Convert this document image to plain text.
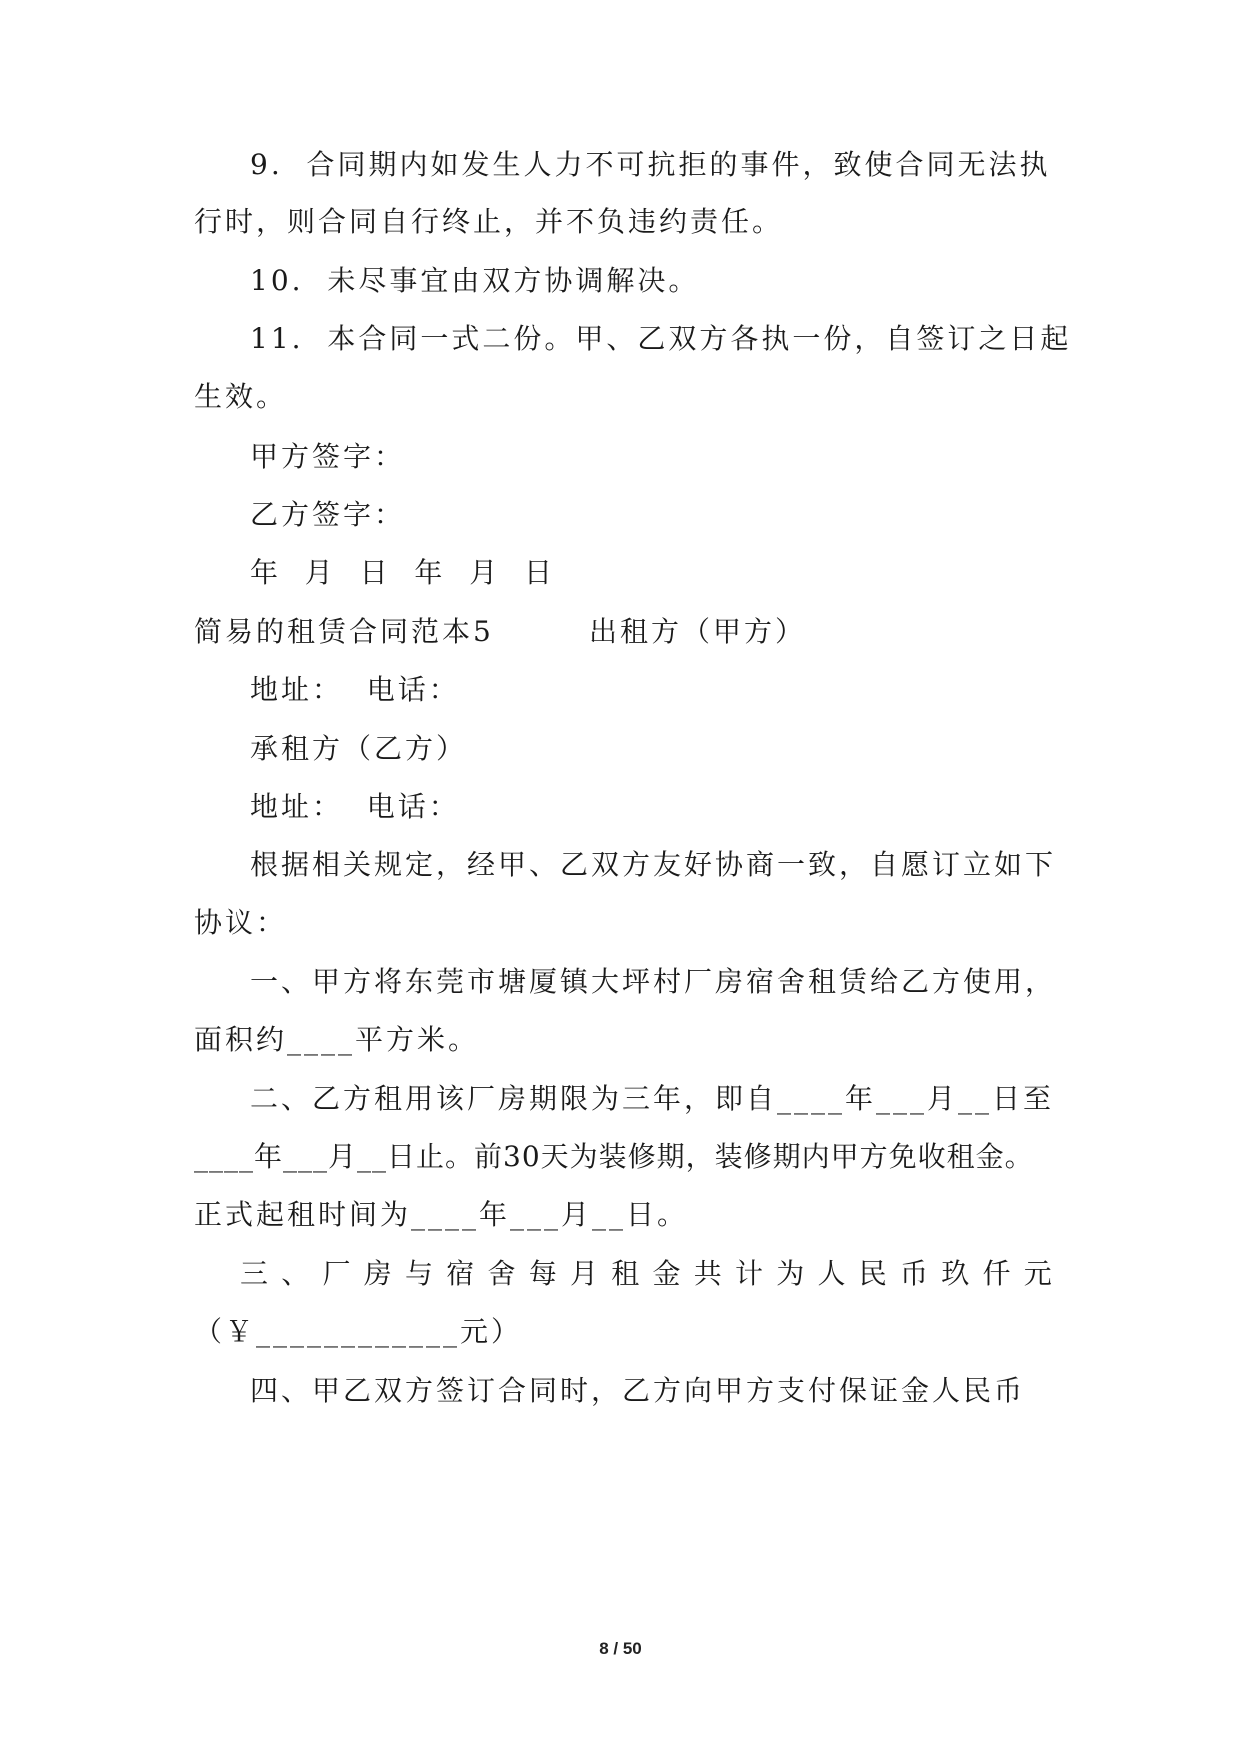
9.  合同期内如发生人力不可抗拒的事件，致使合同无法执
行时，则合同自行终止，并不负违约责任。
10.  未尽事宜由双方协调解决。
11.  本合同一式二份。甲、乙双方各执一份，自签订之日起
生效。
甲方签字：
乙方签字：
年  月  日  年  月  日
简易的租赁合同范本5        出租方（甲方）
地址：  电话：
承租方（乙方）
地址：  电话：
根据相关规定，经甲、乙双方友好协商一致，自愿订立如下
协议：
一、甲方将东莞市塘厦镇大坪村厂房宿舍租赁给乙方使用，
面积约____平方米。
二、乙方租用该厂房期限为三年，即自____年___月__日至
____年___月__日止。前30天为装修期，装修期内甲方免收租金。
正式起租时间为____年___月__日。
三 、 厂 房 与 宿 舍 每 月 租 金 共 计 为 人 民 币 玖 仟 元
（￥____________元）
四、甲乙双方签订合同时，乙方向甲方支付保证金人民币
8 / 50
